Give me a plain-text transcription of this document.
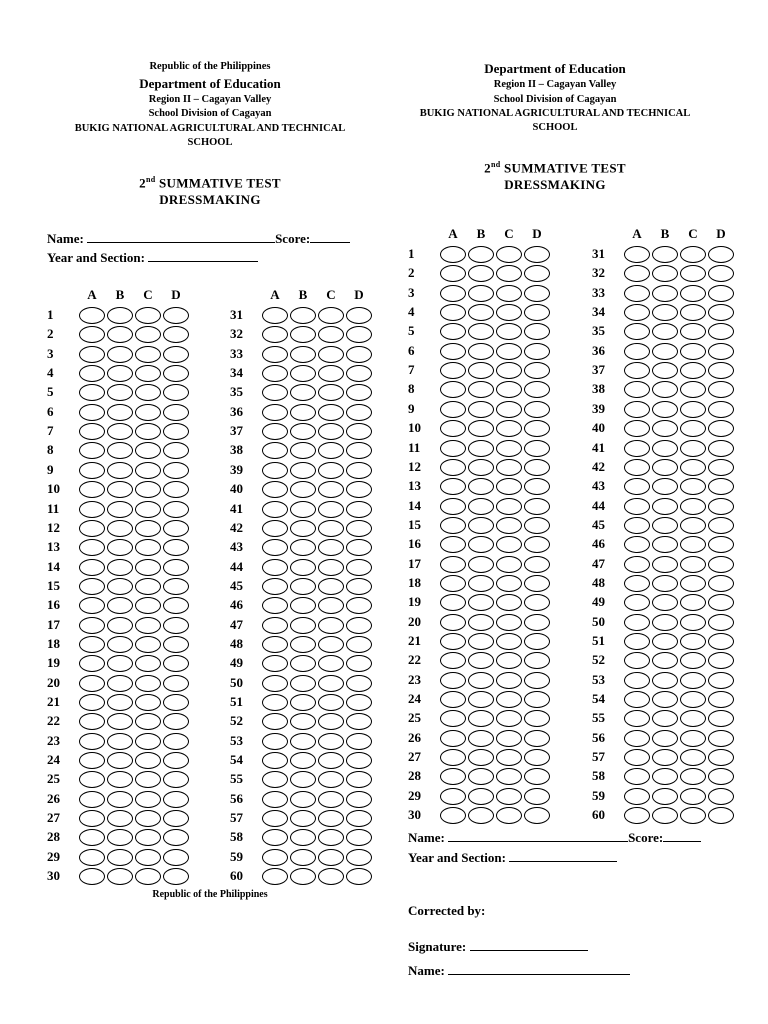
Republic of the Philippines
Department of Education
Region II – Cagayan Valley
School Division of Cagayan
BUKIG NATIONAL AGRICULTURAL AND TECHNICAL
SCHOOL
2nd SUMMATIVE TEST
DRESSMAKING
Name:	Score:
Year and Section:
A B C D
1
2
3
4
5
6
7
8
9
10
11
12
13
14
15
16
17
18
19
20
21
22
23
24
25
26
27
28
29
30
A B C D
31
32
33
34
35
36
37
38
39
40
41
42
43
44
45
46
47
48
49
50
51
52
53
54
55
56
57
58
59
60
Republic of the Philippines
Department of Education
Region II – Cagayan Valley
School Division of Cagayan
BUKIG NATIONAL AGRICULTURAL AND TECHNICAL
SCHOOL
2nd SUMMATIVE TEST
DRESSMAKING
A B C D
1
2
3
4
5
6
7
8
9
10
11
12
13
14
15
16
17
18
19
20
21
22
23
24
25
26
27
28
29
30
A B C D
31
32
33
34
35
36
37
38
39
40
41
42
43
44
45
46
47
48
49
50
51
52
53
54
55
56
57
58
59
60
Name:	Score:
Year and Section:
Corrected by:
Signature:
Name:
